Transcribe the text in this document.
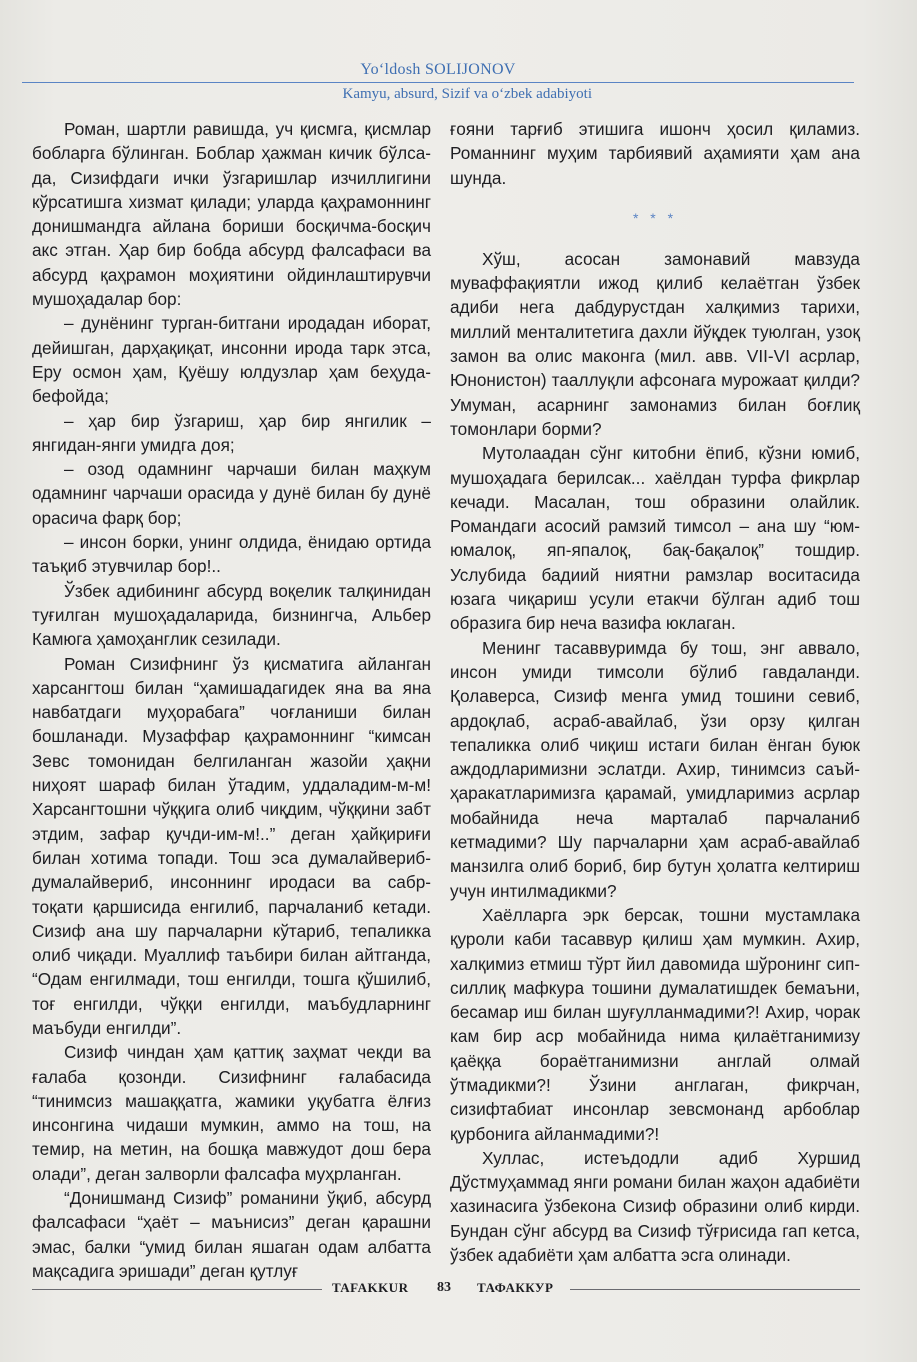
Yo‘ldosh SOLIJONOV
Kamyu, absurd, Sizif va o‘zbek adabiyoti

Роман, шартли равишда, уч қисмга, қисмлар бобларга бўлинган. Боблар ҳажман кичик бўлса-да, Сизифдаги ички ўзгаришлар изчиллигини кўрсатишга хизмат қилади; уларда қаҳрамоннинг донишмандга айлана бориши босқичма-босқич акс этган. Ҳар бир бобда абсурд фалсафаси ва абсурд қаҳрамон моҳиятини ойдинлаштирувчи мушоҳадалар бор:

– дунёнинг турган-битгани иродадан иборат, дейишган, дарҳақиқат, инсонни ирода тарк этса, Еру осмон ҳам, Қуёшу юлдузлар ҳам беҳуда-бефойда;

– ҳар бир ўзгариш, ҳар бир янгилик – янгидан-янги умидга доя;

– озод одамнинг чарчаши билан маҳкум одамнинг чарчаши орасида у дунё билан бу дунё орасича фарқ бор;

– инсон борки, унинг олдида, ёнидаю ортида таъқиб этувчилар бор!..

Ўзбек адибининг абсурд воқелик талқинидан туғилган мушоҳадаларида, бизнингча, Альбер Камюга ҳамоҳанглик сезилади.

Роман Сизифнинг ўз қисматига айланган харсангтош билан “ҳамишадагидек яна ва яна навбатдаги муҳорабага” чоғланиши билан бошланади. Музаффар қаҳрамоннинг “кимсан Зевс томонидан белгиланган жазойи ҳақни ниҳоят шараф билан ўтадим, уддаладим-м-м! Харсангтошни чўққига олиб чиқдим, чўққини забт этдим, зафар қучди-им-м!..” деган ҳайқириғи билан хотима топади. Тош эса думалайвериб-думалайвериб, инсоннинг иродаси ва сабр-тоқати қаршисида енгилиб, парчаланиб кетади. Сизиф ана шу парчаларни кўтариб, тепаликка олиб чиқади. Муаллиф таъбири билан айтганда, “Одам енгилмади, тош енгилди, тошга қўшилиб, тоғ енгилди, чўққи енгилди, маъбудларнинг маъбуди енгилди”.

Сизиф чиндан ҳам қаттиқ заҳмат чекди ва ғалаба қозонди. Сизифнинг ғалабасида “тинимсиз машаққатга, жамики уқубатга ёлғиз инсонгина чидаши мумкин, аммо на тош, на темир, на метин, на бошқа мавжудот дош бера олади”, деган залворли фалсафа муҳрланган.

“Донишманд Сизиф” романини ўқиб, абсурд фалсафаси “ҳаёт – маънисиз” деган қарашни эмас, балки “умид билан яшаган одам албатта мақсадига эришади” деган қутлуғ

ғояни тарғиб этишига ишонч ҳосил қиламиз. Романнинг муҳим тарбиявий аҳамияти ҳам ана шунда.

* * *

Хўш, асосан замонавий мавзуда муваффақиятли ижод қилиб келаётган ўзбек адиби негa дабдурустдан халқимиз тарихи, миллий менталитетига дахли йўқдек туюлган, узоқ замон ва олис маконга (мил. авв. VII-VI асрлар, Юнонистон) тааллуқли афсонага мурожаат қилди? Умуман, асарнинг замонамиз билан боғлиқ томонлари борми?

Мутолаадан сўнг китобни ёпиб, кўзни юмиб, мушоҳадага берилсак... хаёлдан турфа фикрлар кечади. Масалан, тош образини олайлик. Романдаги асосий рамзий тимсол – ана шу “юм-юмалоқ, яп-япалоқ, бақ-бақалоқ” тошдир. Услубида бадиий ниятни рамзлар воситасида юзага чиқариш усули етакчи бўлган адиб тош образига бир неча вазифа юклаган.

Менинг тасаввуримда бу тош, энг аввало, инсон умиди тимсоли бўлиб гавдаланди. Қолаверса, Сизиф менга умид тошини севиб, ардоқлаб, асраб-авайлаб, ўзи орзу қилган тепаликка олиб чиқиш истаги билан ёнган буюк аждодларимизни эслатди. Ахир, тинимсиз саъй-ҳаракатларимизга қарамай, умидларимиз асрлар мобайнида неча марталаб парчаланиб кетмадими? Шу парчаларни ҳам асраб-авайлаб манзилга олиб бориб, бир бутун ҳолатга келтириш учун интилмадикми?

Хаёлларга эрк берсак, тошни мустамлака қуроли каби тасаввур қилиш ҳам мумкин. Ахир, халқимиз етмиш тўрт йил давомида шўронинг сип-силлиқ мафкура тошини думалатишдек бемаъни, бесамар иш билан шуғулланмадими?! Ахир, чорак кам бир аср мобайнида нима қилаётганимизу қаёққа бораётганимизни англай олмай ўтмадикми?! Ўзини англаган, фикрчан, сизифтабиат инсонлар зевсмонанд арбоблар қурбонига айланмадими?!

Хуллас, истеъдодли адиб Хуршид Дўстмуҳаммад янги романи билан жаҳон адабиёти хазинасига ўзбекона Сизиф образини олиб кирди. Бундан сўнг абсурд ва Сизиф тўғрисида гап кетса, ўзбек адабиёти ҳам албатта эсга олинади.

TAFAKKUR 83 ТАФАККУР
